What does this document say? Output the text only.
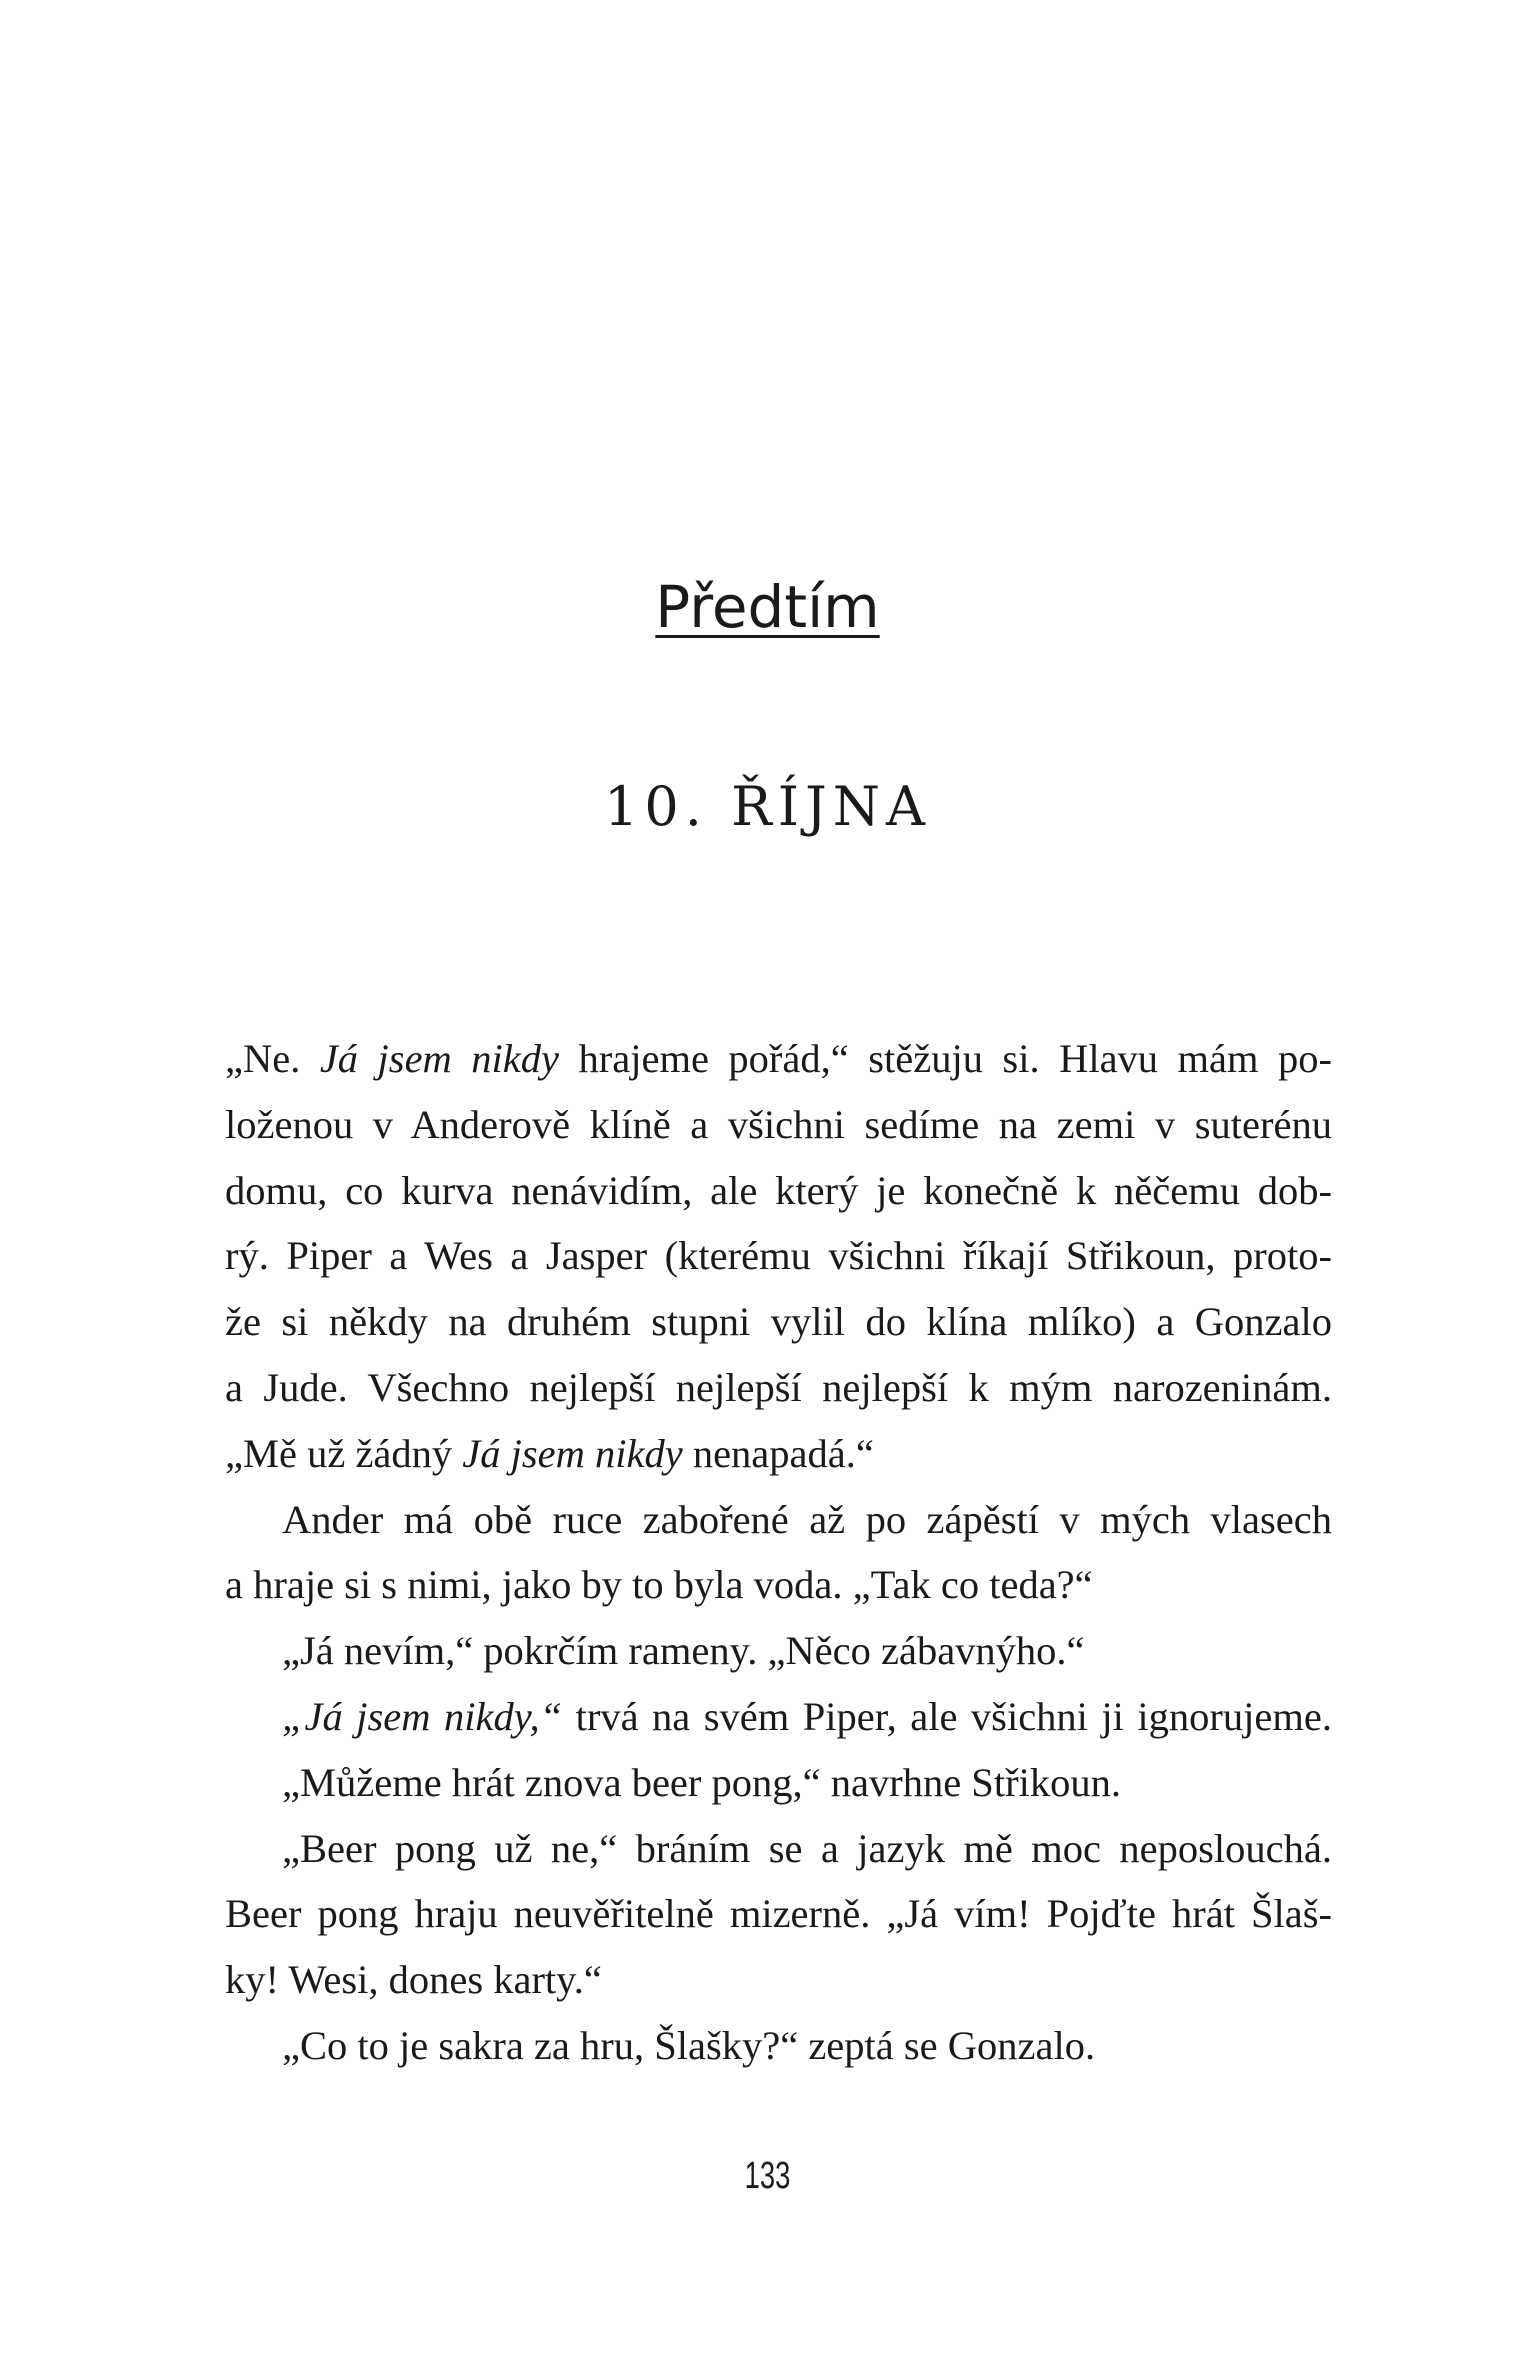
Předtím
10. ŘÍJNA
„Ne. Já jsem nikdy hrajeme pořád,“ stěžuju si. Hlavu mám po-
loženou v Anderově klíně a všichni sedíme na zemi v suterénu
domu, co kurva nenávidím, ale který je konečně k něčemu dob-
rý. Piper a Wes a Jasper (kterému všichni říkají Střikoun, proto-
že si někdy na druhém stupni vylil do klína mlíko) a Gonzalo
a Jude. Všechno nejlepší nejlepší nejlepší k mým narozeninám.
„Mě už žádný Já jsem nikdy nenapadá.“
Ander má obě ruce zabořené až po zápěstí v mých vlasech
a hraje si s nimi, jako by to byla voda. „Tak co teda?“
„Já nevím,“ pokrčím rameny. „Něco zábavnýho.“
„Já jsem nikdy,“ trvá na svém Piper, ale všichni ji ignorujeme.
„Můžeme hrát znova beer pong,“ navrhne Střikoun.
„Beer pong už ne,“ bráním se a jazyk mě moc neposlouchá.
Beer pong hraju neuvěřitelně mizerně. „Já vím! Pojďte hrát Šlaš-
ky! Wesi, dones karty.“
„Co to je sakra za hru, Šlašky?“ zeptá se Gonzalo.
133
